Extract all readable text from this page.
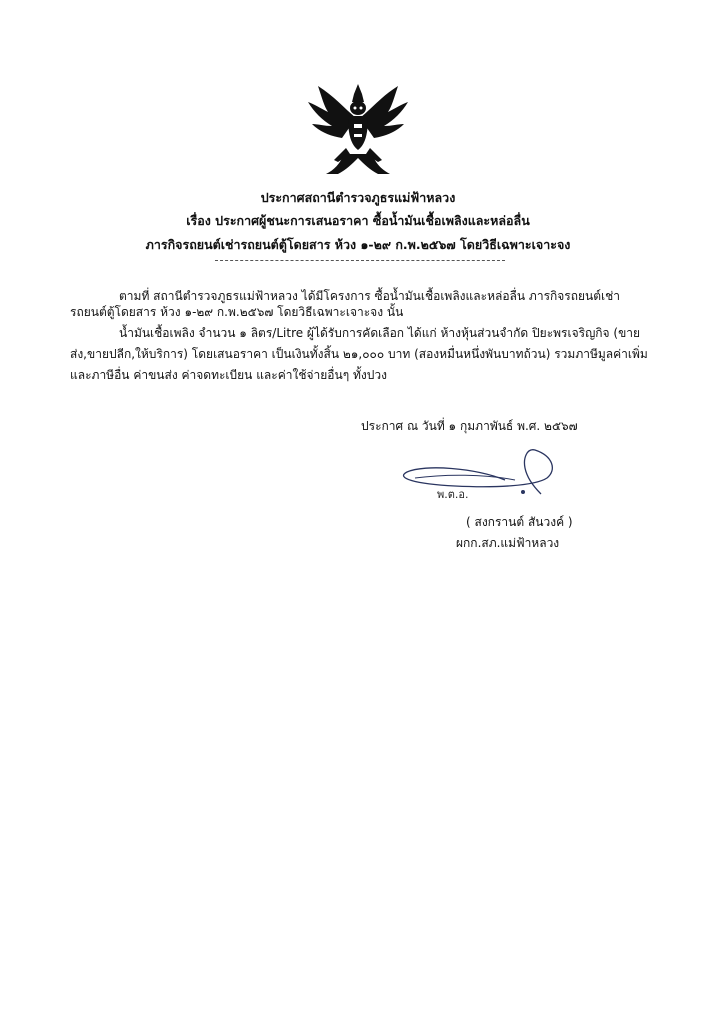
ประกาศสถานีตำรวจภูธรแม่ฟ้าหลวง
เรื่อง ประกาศผู้ชนะการเสนอราคา ซื้อน้ำมันเชื้อเพลิงและหล่อลื่น
ภารกิจรถยนต์เช่ารถยนต์ตู้โดยสาร ห้วง ๑-๒๙ ก.พ.๒๕๖๗ โดยวิธีเฉพาะเจาะจง
ตามที่ สถานีตำรวจภูธรแม่ฟ้าหลวง ได้มีโครงการ ซื้อน้ำมันเชื้อเพลิงและหล่อลื่น ภารกิจรถยนต์เช่า
รถยนต์ตู้โดยสาร ห้วง ๑-๒๙ ก.พ.๒๕๖๗ โดยวิธีเฉพาะเจาะจง นั้น
น้ำมันเชื้อเพลิง จำนวน ๑ ลิตร/Litre ผู้ได้รับการคัดเลือก ได้แก่ ห้างหุ้นส่วนจำกัด ปิยะพรเจริญกิจ (ขาย
ส่ง,ขายปลีก,ให้บริการ) โดยเสนอราคา เป็นเงินทั้งสิ้น ๒๑,๐๐๐ บาท (สองหมื่นหนึ่งพันบาทถ้วน) รวมภาษีมูลค่าเพิ่ม
และภาษีอื่น ค่าขนส่ง ค่าจดทะเบียน และค่าใช้จ่ายอื่นๆ ทั้งปวง
ประกาศ ณ วันที่ ๑ กุมภาพันธ์ พ.ศ. ๒๕๖๗
พ.ต.อ.
( สงกรานต์ สันวงค์ )
ผกก.สภ.แม่ฟ้าหลวง
